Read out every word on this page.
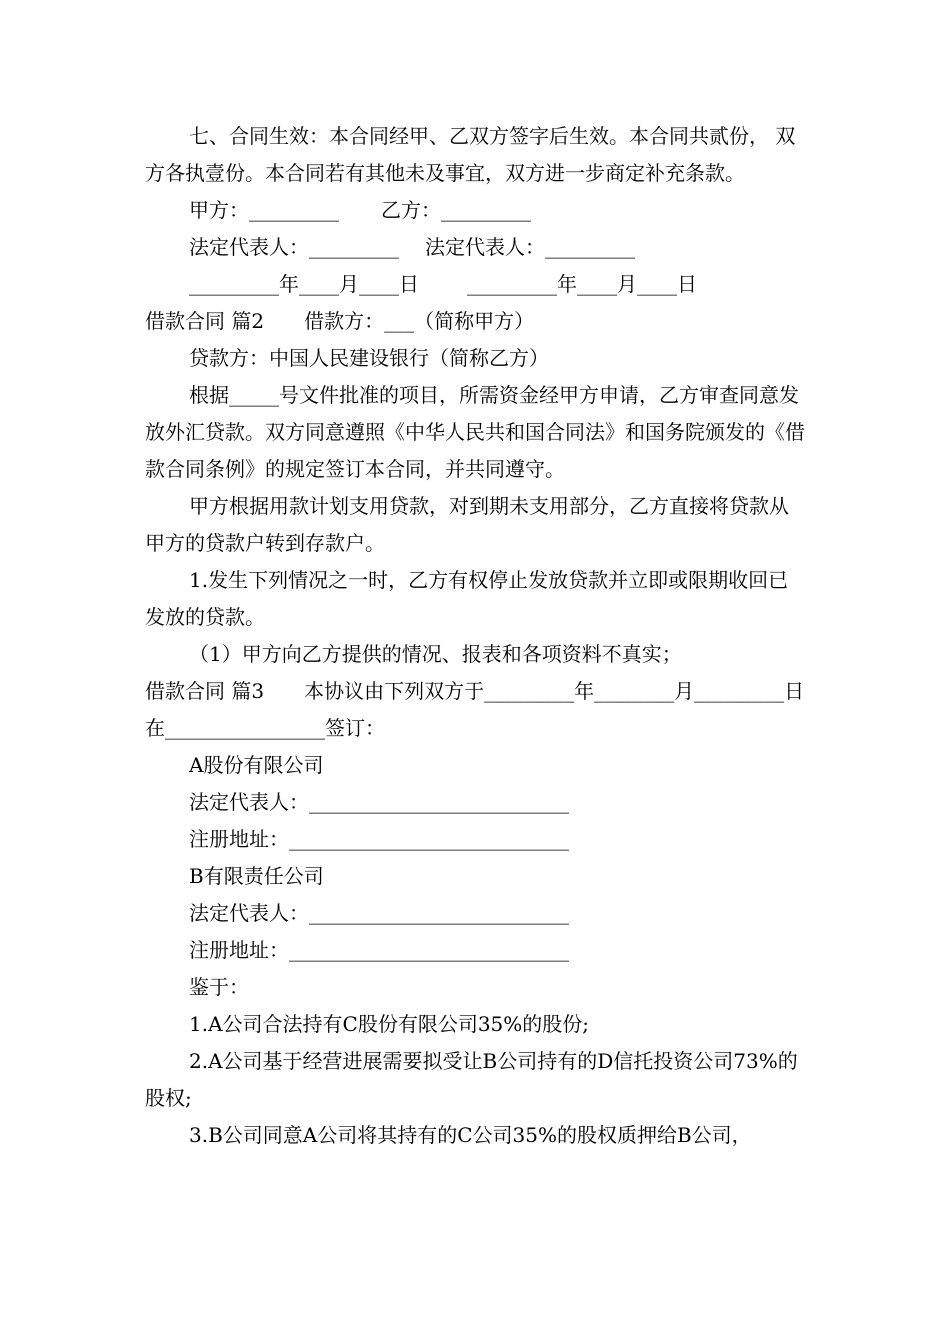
七、合同生效：本合同经甲、乙双方签字后生效。本合同共贰份， 双方各执壹份。本合同若有其他未及事宜，双方进一步商定补充条款。
甲方：_________ 乙方：_________
法定代表人：_________ 法定代表人：_________
_________年____月____日 _________年____月____日
借款合同 篇2 借款方：___（简称甲方）
贷款方：中国人民建设银行（简称乙方）
根据_____号文件批准的项目，所需资金经甲方申请，乙方审查同意发放外汇贷款。双方同意遵照《中华人民共和国合同法》和国务院颁发的《借款合同条例》的规定签订本合同，并共同遵守。
甲方根据用款计划支用贷款，对到期未支用部分，乙方直接将贷款从甲方的贷款户转到存款户。
1.发生下列情况之一时，乙方有权停止发放贷款并立即或限期收回已发放的贷款。
（1）甲方向乙方提供的情况、报表和各项资料不真实；
借款合同 篇3 本协议由下列双方于_________年________月_________日在________________签订：
A股份有限公司
法定代表人：__________________________
注册地址：____________________________
B有限责任公司
法定代表人：__________________________
注册地址：____________________________
鉴于：
1.A公司合法持有C股份有限公司35%的股份;
2.A公司基于经营进展需要拟受让B公司持有的D信托投资公司73%的股权;
3.B公司同意A公司将其持有的C公司35%的股权质押给B公司，
